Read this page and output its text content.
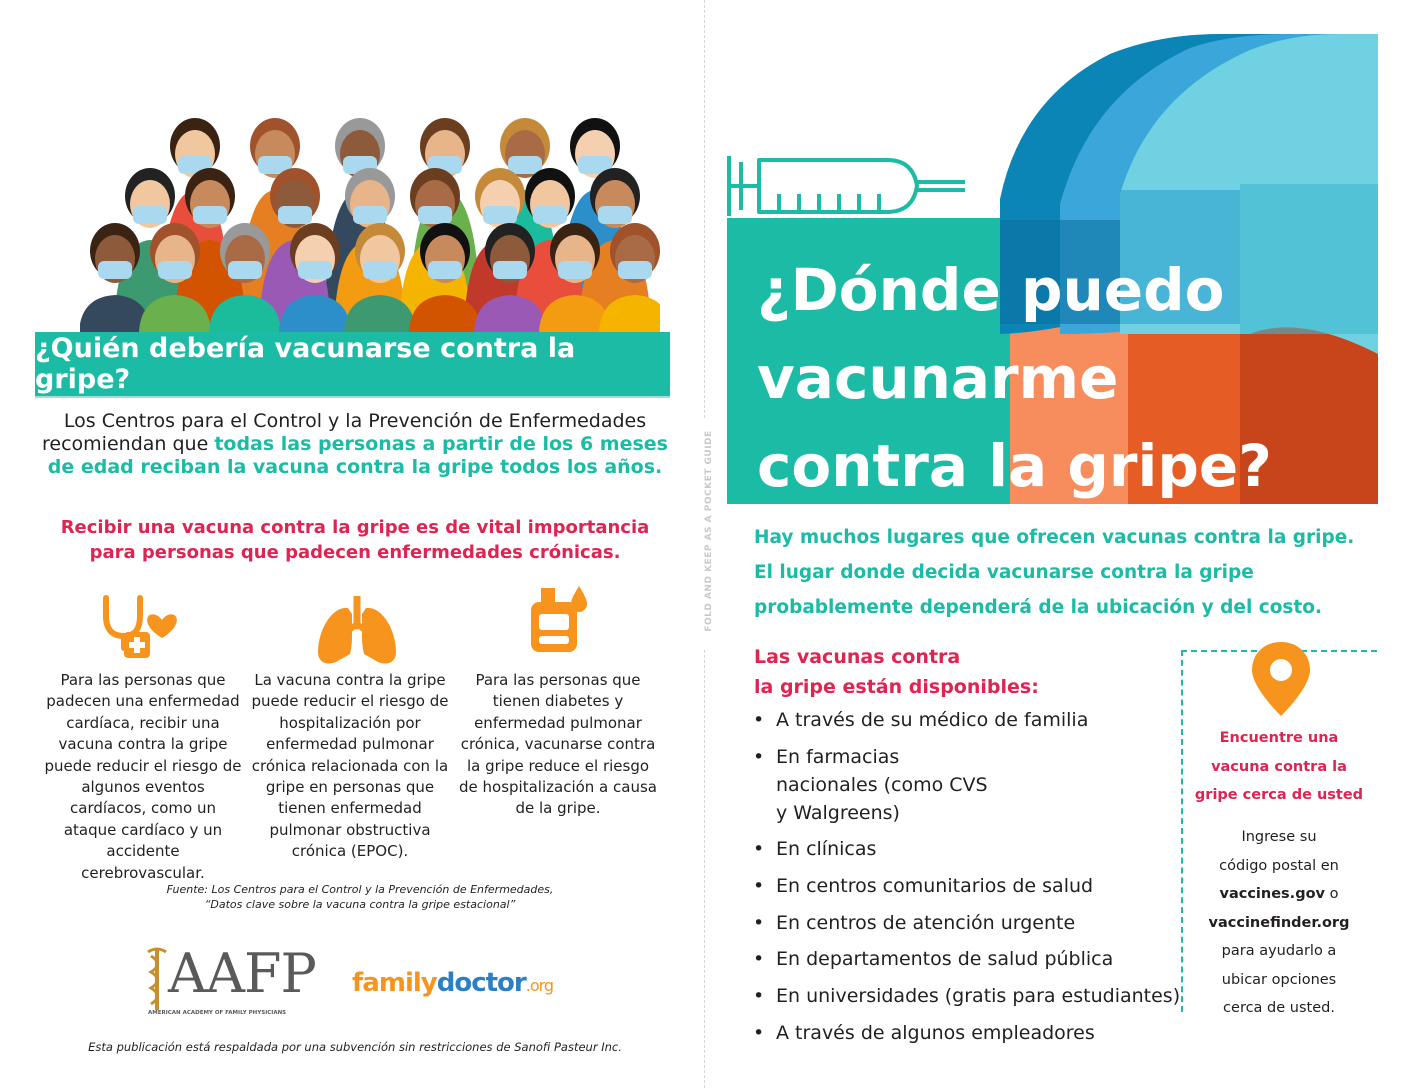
¿Quién debería vacunarse contra la gripe?
Los Centros para el Control y la Prevención de Enfermedades recomiendan que todas las personas a partir de los 6 meses de edad reciban la vacuna contra la gripe todos los años.
Recibir una vacuna contra la gripe es de vital importancia
para personas que padecen enfermedades crónicas.
Para las personas que padecen una enfermedad cardíaca, recibir una vacuna contra la gripe puede reducir el riesgo de algunos eventos cardíacos, como un ataque cardíaco y un accidente cerebrovascular.
La vacuna contra la gripe puede reducir el riesgo de hospitalización por enfermedad pulmonar crónica relacionada con la gripe en personas que tienen enfermedad pulmonar obstructiva crónica (EPOC).
Para las personas que tienen diabetes y enfermedad pulmonar crónica, vacunarse contra la gripe reduce el riesgo de hospitalización a causa de la gripe.
Fuente: Los Centros para el Control y la Prevención de Enfermedades,
“Datos clave sobre la vacuna contra la gripe estacional”
AAFP
AMERICAN ACADEMY OF FAMILY PHYSICIANS
familydoctor.org
Esta publicación está respaldada por una subvención sin restricciones de Sanofi Pasteur Inc.
FOLD AND KEEP AS A POCKET GUIDE
¿Dónde puedo
vacunarme
contra la gripe?
Hay muchos lugares que ofrecen vacunas contra la gripe. El lugar donde decida vacunarse contra la gripe probablemente dependerá de la ubicación y del costo.
Las vacunas contra
la gripe están disponibles:
• A través de su médico de familia
• En farmacias nacionales (como CVS y Walgreens)
• En clínicas
• En centros comunitarios de salud
• En centros de atención urgente
• En departamentos de salud pública
• En universidades (gratis para estudiantes)
• A través de algunos empleadores
Encuentre una
vacuna contra la
gripe cerca de usted
Ingrese su
código postal en
vaccines.gov o
vaccinefinder.org
para ayudarlo a
ubicar opciones
cerca de usted.
